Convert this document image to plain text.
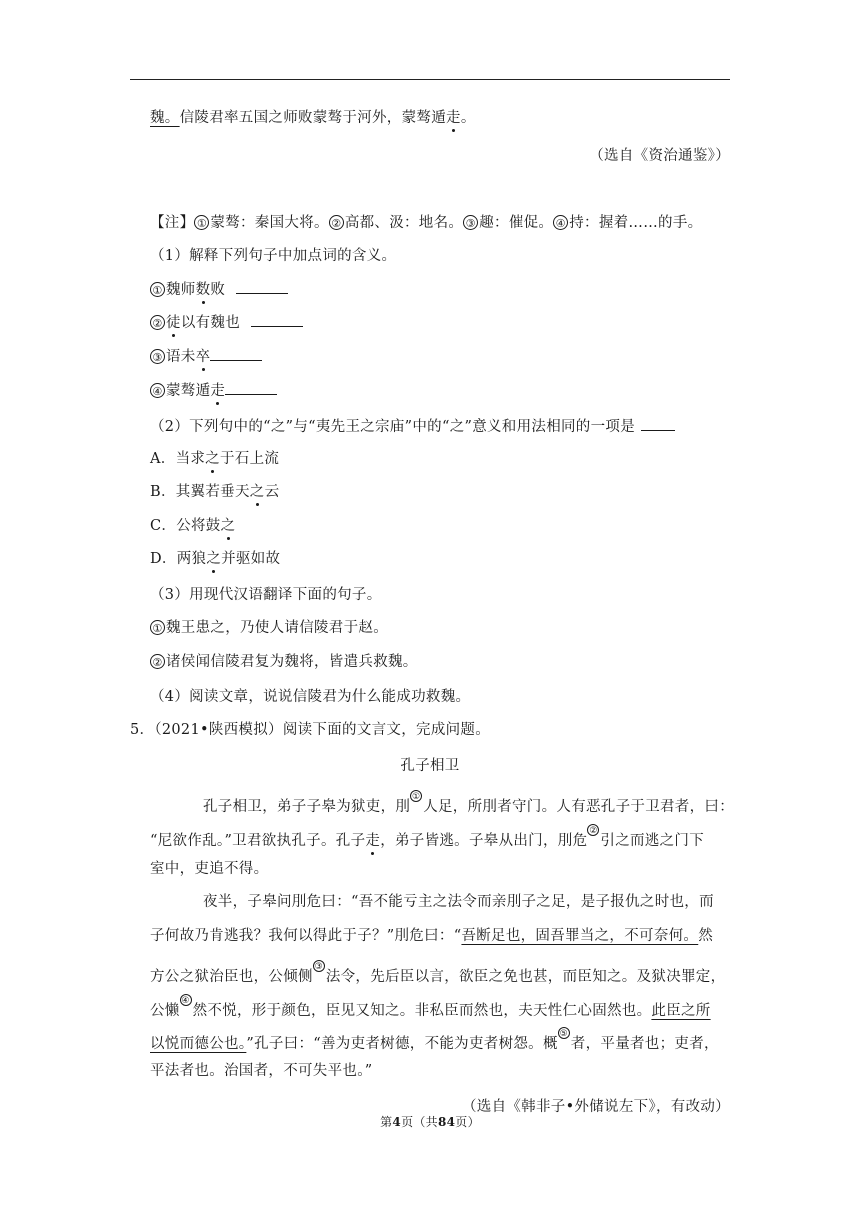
魏。信陵君率五国之师败蒙骜于河外，蒙骜遁走。
（选自《资治通鉴》）
【注】 ① 蒙骜：秦国大将。 ② 高都、汲：地名。 ③ 趣：催促。 ④ 持：握着……的手。
（1）解释下列句子中加点词的含义。
① 魏师数败
② 徒以有魏也
③ 语未卒
④ 蒙骜遁走
（2）下列句中的“之”与“夷先王之宗庙”中的“之”意义和用法相同的一项是
A．当求之于石上流
B．其翼若垂天之云
C．公将鼓之
D．两狼之并驱如故
（3）用现代汉语翻译下面的句子。
① 魏王患之，乃使人请信陵君于赵。
② 诸侯闻信陵君复为魏将，皆遣兵救魏。
（4）阅读文章，说说信陵君为什么能成功救魏。
5．（2021•陕西模拟）阅读下面的文言文，完成问题。
孔子相卫
孔子相卫，弟子子皋为狱吏，刖①人足，所刖者守门。人有恶孔子于卫君者，曰：
“尼欲作乱。”卫君欲执孔子。孔子走，弟子皆逃。子皋从出门，刖危②引之而逃之门下
室中，吏追不得。
夜半，子皋问刖危曰：“吾不能亏主之法令而亲刖子之足，是子报仇之时也，而
子何故乃肯逃我？我何以得此于子？”刖危曰：“吾断足也，固吾罪当之，不可奈何。然
方公之狱治臣也，公倾侧③法令，先后臣以言，欲臣之免也甚，而臣知之。及狱决罪定，
公懒④然不悦，形于颜色，臣见又知之。非私臣而然也，夫天性仁心固然也。此臣之所
以悦而德公也。”孔子曰：“善为吏者树德，不能为吏者树怨。概⑤者，平量者也；吏者，
平法者也。治国者，不可失平也。”
（选自《韩非子•外储说左下》，有改动）
第4页（共84页）
